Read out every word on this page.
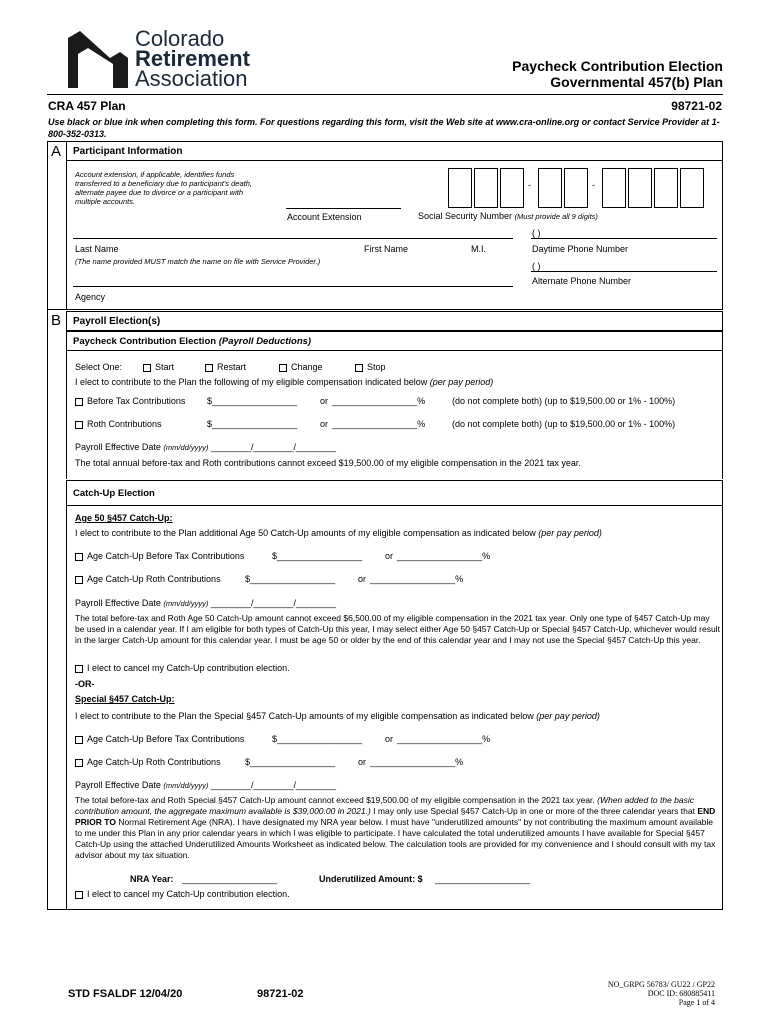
Colorado
Retirement
Association	Paycheck Contribution Election
Governmental 457(b) Plan
CRA 457 Plan	98721-02
Use black or blue ink when completing this form. For questions regarding this form, visit the Web site at www.cra-online.org or contact Service Provider at 1-800-352-0313.
A Participant Information
Account extension, if applicable, identifies funds transferred to a beneficiary due to participant's death, alternate payee due to divorce or a participant with multiple accounts.
Account Extension
-	-
Social Security Number (Must provide all 9 digits)
Last Name	First Name	M.I.
( )
Daytime Phone Number
(The name provided MUST match the name on file with Service Provider.)	( )
Alternate Phone Number
Agency
B Payroll Election(s)
Paycheck Contribution Election (Payroll Deductions)
Select One:	Start	Restart	Change	Stop
I elect to contribute to the Plan the following of my eligible compensation indicated below (per pay period)
Before Tax Contributions $_________________	or _________________%	(do not complete both) (up to $19,500.00 or 1% - 100%)
Roth Contributions	$_________________	or _________________%	(do not complete both) (up to $19,500.00 or 1% - 100%)
Payroll Effective Date (mm/dd/yyyy) ________/________/________
The total annual before-tax and Roth contributions cannot exceed $19,500.00 of my eligible compensation in the 2021 tax year.
Catch-Up Election
Age 50 §457 Catch-Up:
I elect to contribute to the Plan additional Age 50 Catch-Up amounts of my eligible compensation as indicated below (per pay period)
Age Catch-Up Before Tax Contributions	$_________________	or _________________%
Age Catch-Up Roth Contributions	$_________________	or _________________%
Payroll Effective Date (mm/dd/yyyy) ________/________/________
The total before-tax and Roth Age 50 Catch-Up amount cannot exceed $6,500.00 of my eligible compensation in the 2021 tax year. Only one type of §457 Catch-Up may be used in a calendar year. If I am eligible for both types of Catch-Up this year, I may select either Age 50 §457 Catch-Up or Special §457 Catch-Up, whichever would result in the larger Catch-Up amount for this calendar year. I must be age 50 or older by the end of this calendar year and I may not use the Special §457 Catch-Up this year.
I elect to cancel my Catch-Up contribution election.
-OR-
Special §457 Catch-Up:
I elect to contribute to the Plan the Special §457 Catch-Up amounts of my eligible compensation as indicated below (per pay period)
Age Catch-Up Before Tax Contributions	$_________________	or _________________%
Age Catch-Up Roth Contributions	$_________________	or _________________%
Payroll Effective Date (mm/dd/yyyy) ________/________/________
The total before-tax and Roth Special §457 Catch-Up amount cannot exceed $19,500.00 of my eligible compensation in the 2021 tax year. (When added to the basic contribution amount, the aggregate maximum available is $39,000.00 in 2021.) I may only use Special §457 Catch-Up in one or more of the three calendar years that END PRIOR TO Normal Retirement Age (NRA). I have designated my NRA year below. I must have "underutilized amounts" by not contributing the maximum amount available to me under this Plan in any prior calendar years in which I was eligible to participate. I have calculated the total underutilized amounts I have available for Special §457 Catch-Up using the attached Underutilized Amounts Worksheet as indicated below. The calculation tools are provided for my convenience and I should consult with my tax advisor about my tax situation.
NRA Year: ___________________	Underutilized Amount: $ ___________________
I elect to cancel my Catch-Up contribution election.
STD FSALDF 12/04/20	98721-02
NO_GRPG 56783/ GU22 / GP22
DOC ID: 680885411
Page 1 of 4
